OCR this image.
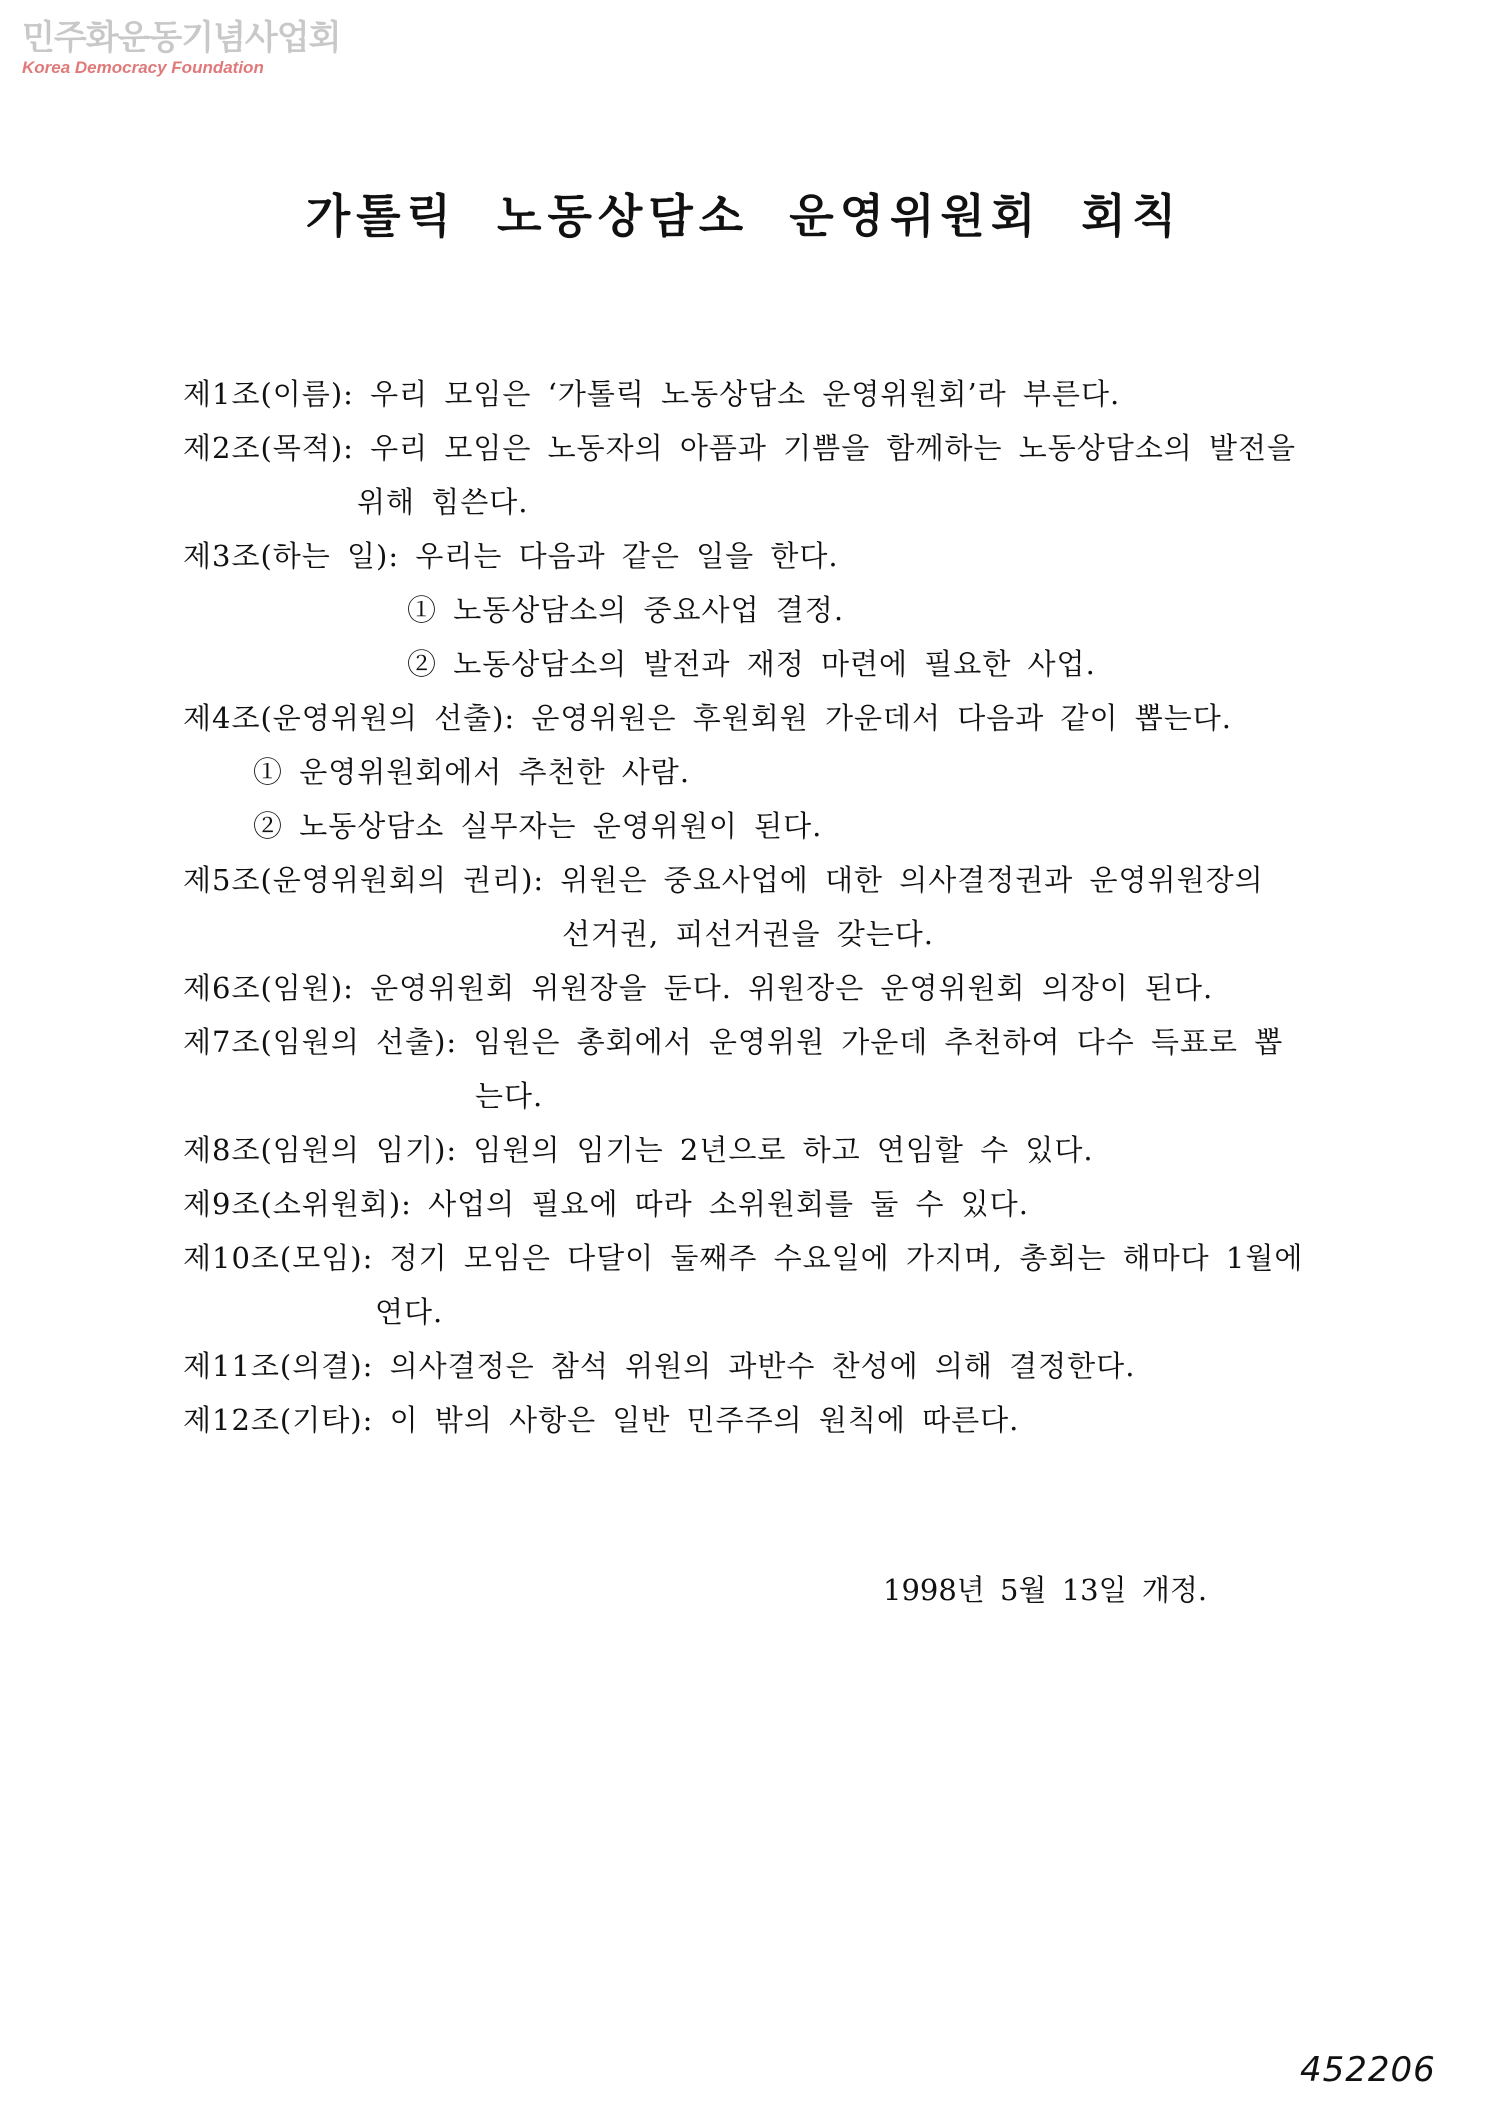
민주화운동기념사업회
Korea Democracy Foundation
가톨릭 노동상담소 운영위원회 회칙
제1조(이름): 우리 모임은 ‘가톨릭 노동상담소 운영위원회’라 부른다.
제2조(목적): 우리 모임은 노동자의 아픔과 기쁨을 함께하는 노동상담소의 발전을
위해 힘쓴다.
제3조(하는 일): 우리는 다음과 같은 일을 한다.
① 노동상담소의 중요사업 결정.
② 노동상담소의 발전과 재정 마련에 필요한 사업.
제4조(운영위원의 선출): 운영위원은 후원회원 가운데서 다음과 같이 뽑는다.
① 운영위원회에서 추천한 사람.
② 노동상담소 실무자는 운영위원이 된다.
제5조(운영위원회의 권리): 위원은 중요사업에 대한 의사결정권과 운영위원장의
선거권, 피선거권을 갖는다.
제6조(임원): 운영위원회 위원장을 둔다. 위원장은 운영위원회 의장이 된다.
제7조(임원의 선출): 임원은 총회에서 운영위원 가운데 추천하여 다수 득표로 뽑
는다.
제8조(임원의 임기): 임원의 임기는 2년으로 하고 연임할 수 있다.
제9조(소위원회): 사업의 필요에 따라 소위원회를 둘 수 있다.
제10조(모임): 정기 모임은 다달이 둘째주 수요일에 가지며, 총회는 해마다 1월에
연다.
제11조(의결): 의사결정은 참석 위원의 과반수 찬성에 의해 결정한다.
제12조(기타): 이 밖의 사항은 일반 민주주의 원칙에 따른다.
1998년 5월 13일 개정.
452206
